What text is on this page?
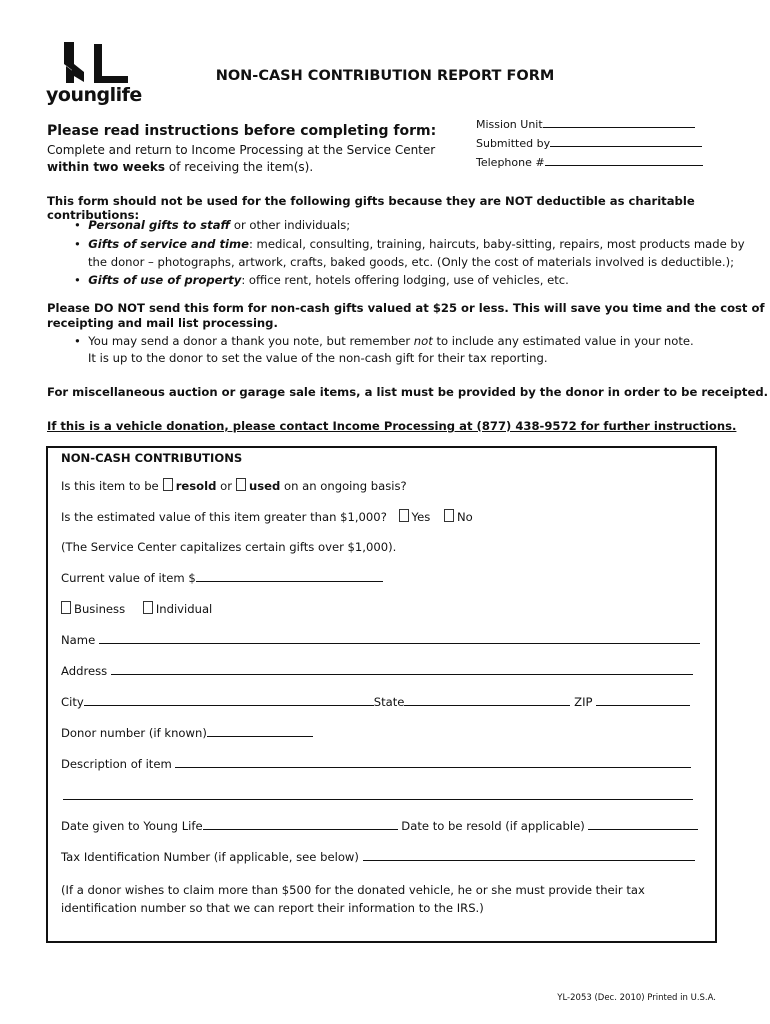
younglife
NON-CASH CONTRIBUTION REPORT FORM
Please read instructions before completing form:
Complete and return to Income Processing at the Service Center
within two weeks of receiving the item(s).
Mission Unit
Submitted by
Telephone #
This form should not be used for the following gifts because they are NOT deductible as charitable contributions:
•  Personal gifts to staff or other individuals;
•  Gifts of service and time: medical, consulting, training, haircuts, baby-sitting, repairs, most products made by
the donor – photographs, artwork, crafts, baked goods, etc. (Only the cost of materials involved is deductible.);
•  Gifts of use of property: office rent, hotels offering lodging, use of vehicles, etc.
Please DO NOT send this form for non-cash gifts valued at $25 or less. This will save you time and the cost of
receipting and mail list processing.
•  You may send a donor a thank you note, but remember not to include any estimated value in your note.
It is up to the donor to set the value of the non-cash gift for their tax reporting.
For miscellaneous auction or garage sale items, a list must be provided by the donor in order to be receipted.
If this is a vehicle donation, please contact Income Processing at (877) 438-9572 for further instructions.
NON-CASH CONTRIBUTIONS
Is this item to be resold or used on an ongoing basis?
Is the estimated value of this item greater than $1,000? Yes No
(The Service Center capitalizes certain gifts over $1,000).
Current value of item $
Business	Individual
Name
Address
City	State	ZIP
Donor number (if known)
Description of item
Date given to Young Life	Date to be resold (if applicable)
Tax Identification Number (if applicable, see below)
(If a donor wishes to claim more than $500 for the donated vehicle, he or she must provide their tax
identification number so that we can report their information to the IRS.)
YL-2053 (Dec. 2010) Printed in U.S.A.
